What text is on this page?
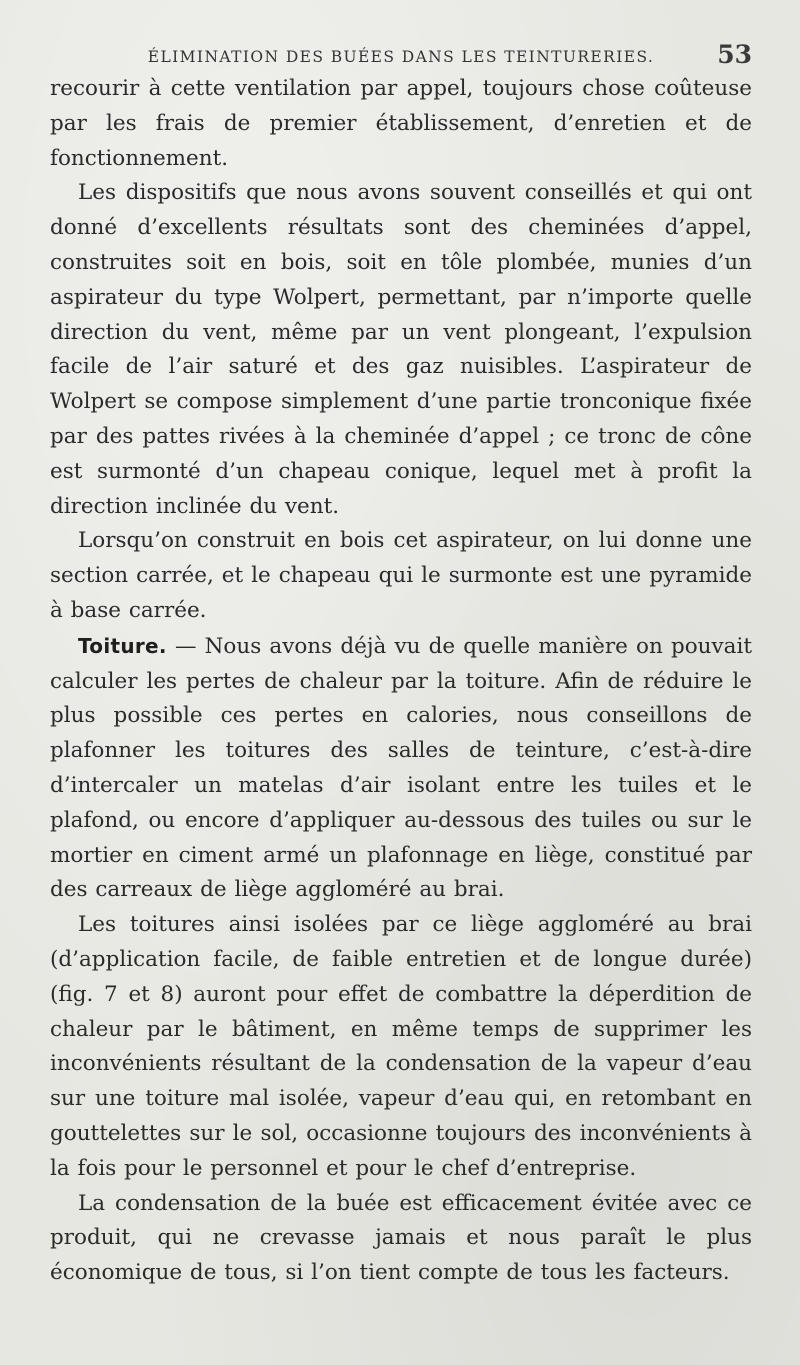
ÉLIMINATION DES BUÉES DANS LES TEINTURERIES.	53

recourir à cette ventilation par appel, toujours chose coûteuse par les frais de premier établissement, d’enretien et de fonctionnement.

Les dispositifs que nous avons souvent conseillés et qui ont donné d’excellents résultats sont des cheminées d’appel, construites soit en bois, soit en tôle plombée, munies d’un aspirateur du type Wolpert, permettant, par n’importe quelle direction du vent, même par un vent plongeant, l’expulsion facile de l’air saturé et des gaz nuisibles. L’aspirateur de Wolpert se compose simplement d’une partie tronconique fixée par des pattes rivées à la cheminée d’appel ; ce tronc de cône est surmonté d’un chapeau conique, lequel met à profit la direction inclinée du vent.

Lorsqu’on construit en bois cet aspirateur, on lui donne une section carrée, et le chapeau qui le surmonte est une pyramide à base carrée.

Toiture. — Nous avons déjà vu de quelle manière on pouvait calculer les pertes de chaleur par la toiture. Afin de réduire le plus possible ces pertes en calories, nous conseillons de plafonner les toitures des salles de teinture, c’est-à-dire d’intercaler un matelas d’air isolant entre les tuiles et le plafond, ou encore d’appliquer au-dessous des tuiles ou sur le mortier en ciment armé un plafonnage en liège, constitué par des carreaux de liège aggloméré au brai.

Les toitures ainsi isolées par ce liège aggloméré au brai (d’application facile, de faible entretien et de longue durée) (fig. 7 et 8) auront pour effet de combattre la déperdition de chaleur par le bâtiment, en même temps de supprimer les inconvénients résultant de la condensation de la vapeur d’eau sur une toiture mal isolée, vapeur d’eau qui, en retombant en gouttelettes sur le sol, occasionne toujours des inconvénients à la fois pour le personnel et pour le chef d’entreprise.

La condensation de la buée est efficacement évitée avec ce produit, qui ne crevasse jamais et nous paraît le plus économique de tous, si l’on tient compte de tous les facteurs.
